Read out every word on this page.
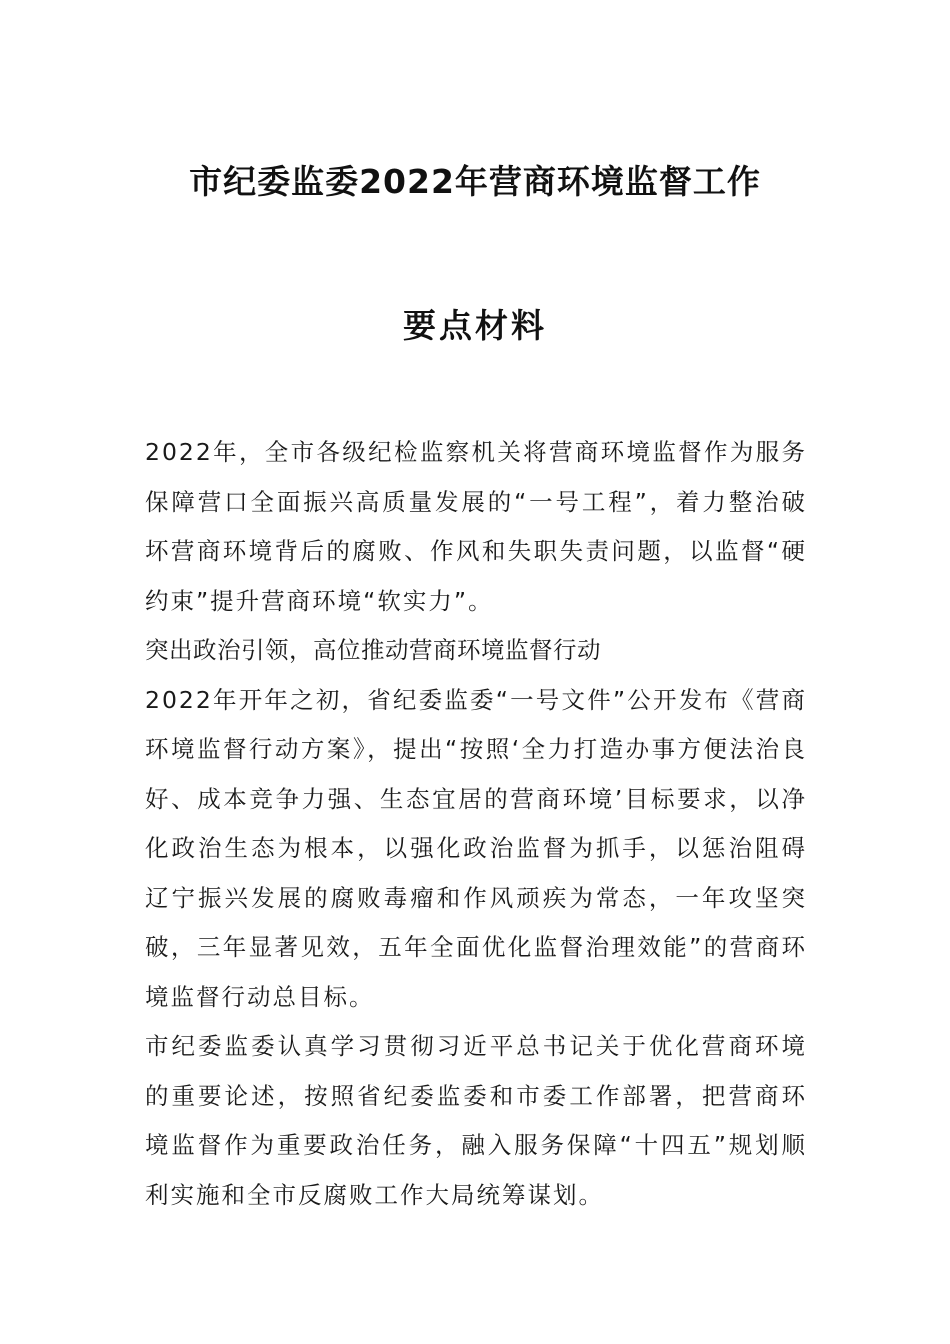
市纪委监委2022年营商环境监督工作
要点材料

2022年，全市各级纪检监察机关将营商环境监督作为服务保障营口全面振兴高质量发展的“一号工程”，着力整治破坏营商环境背后的腐败、作风和失职失责问题，以监督“硬约束”提升营商环境“软实力”。

突出政治引领，高位推动营商环境监督行动

2022年开年之初，省纪委监委“一号文件”公开发布《营商环境监督行动方案》，提出“按照‘全力打造办事方便法治良好、成本竞争力强、生态宜居的营商环境’目标要求，以净化政治生态为根本，以强化政治监督为抓手，以惩治阻碍辽宁振兴发展的腐败毒瘤和作风顽疾为常态，一年攻坚突破，三年显著见效，五年全面优化监督治理效能”的营商环境监督行动总目标。

市纪委监委认真学习贯彻习近平总书记关于优化营商环境的重要论述，按照省纪委监委和市委工作部署，把营商环境监督作为重要政治任务，融入服务保障“十四五”规划顺利实施和全市反腐败工作大局统筹谋划。
